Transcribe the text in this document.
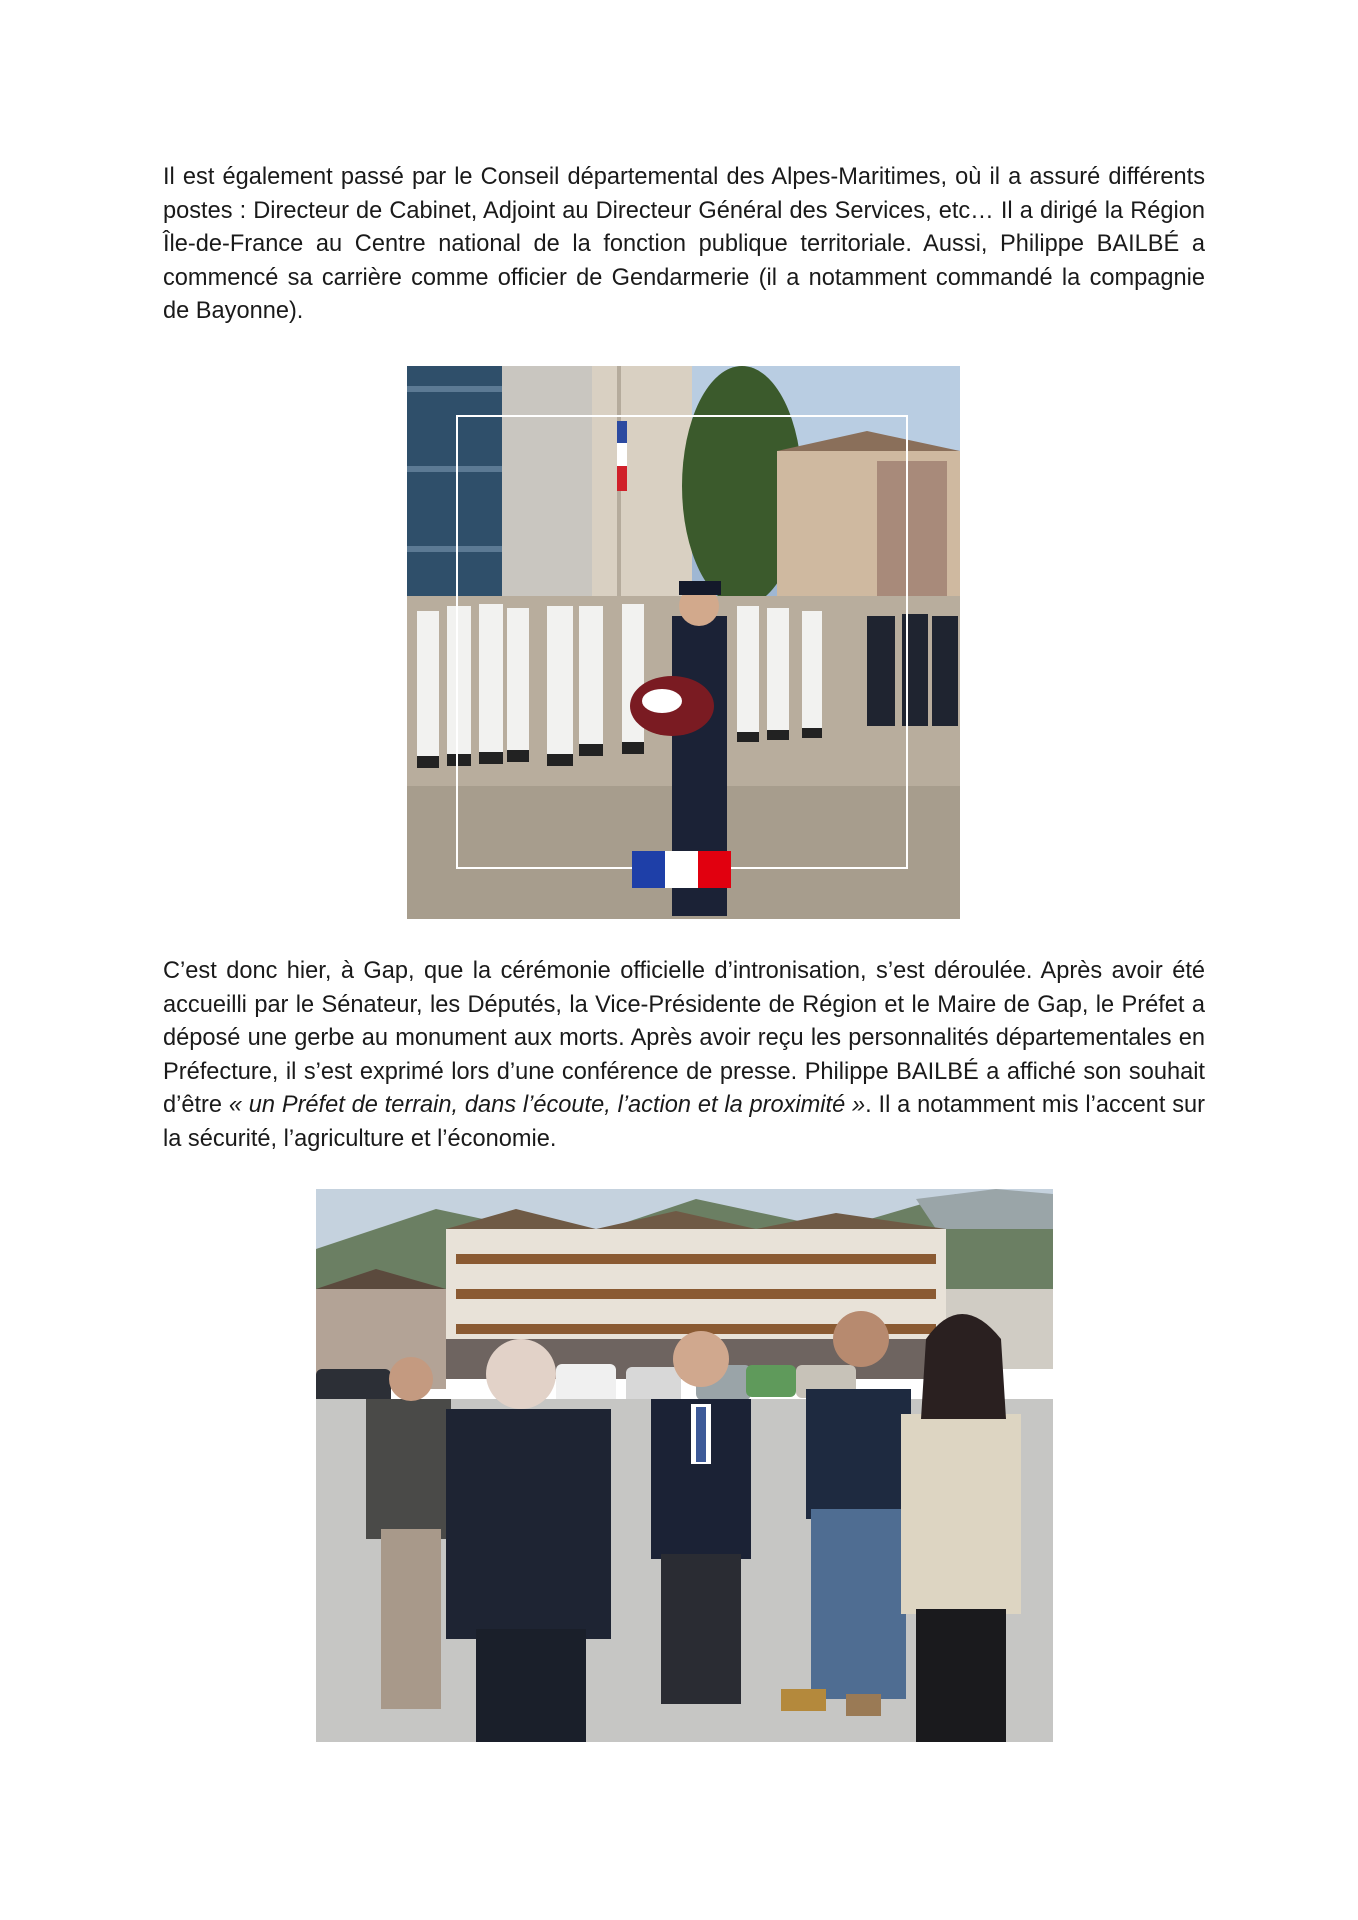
Il est également passé par le Conseil départemental des Alpes-Maritimes, où il a assuré différents postes : Directeur de Cabinet, Adjoint au Directeur Général des Services, etc… Il a dirigé la Région Île-de-France au Centre national de la fonction publique territoriale. Aussi, Philippe BAILBÉ a commencé sa carrière comme officier de Gendarmerie (il a notamment commandé la compagnie de Bayonne).

C’est donc hier, à Gap, que la cérémonie officielle d’intronisation, s’est déroulée. Après avoir été accueilli par le Sénateur, les Députés, la Vice-Présidente de Région et le Maire de Gap, le Préfet a déposé une gerbe au monument aux morts. Après avoir reçu les personnalités départementales en Préfecture, il s’est exprimé lors d’une conférence de presse. Philippe BAILBÉ a affiché son souhait d’être « un Préfet de terrain, dans l’écoute, l’action et la proximité ». Il a notamment mis l’accent sur la sécurité, l’agriculture et l’économie.
